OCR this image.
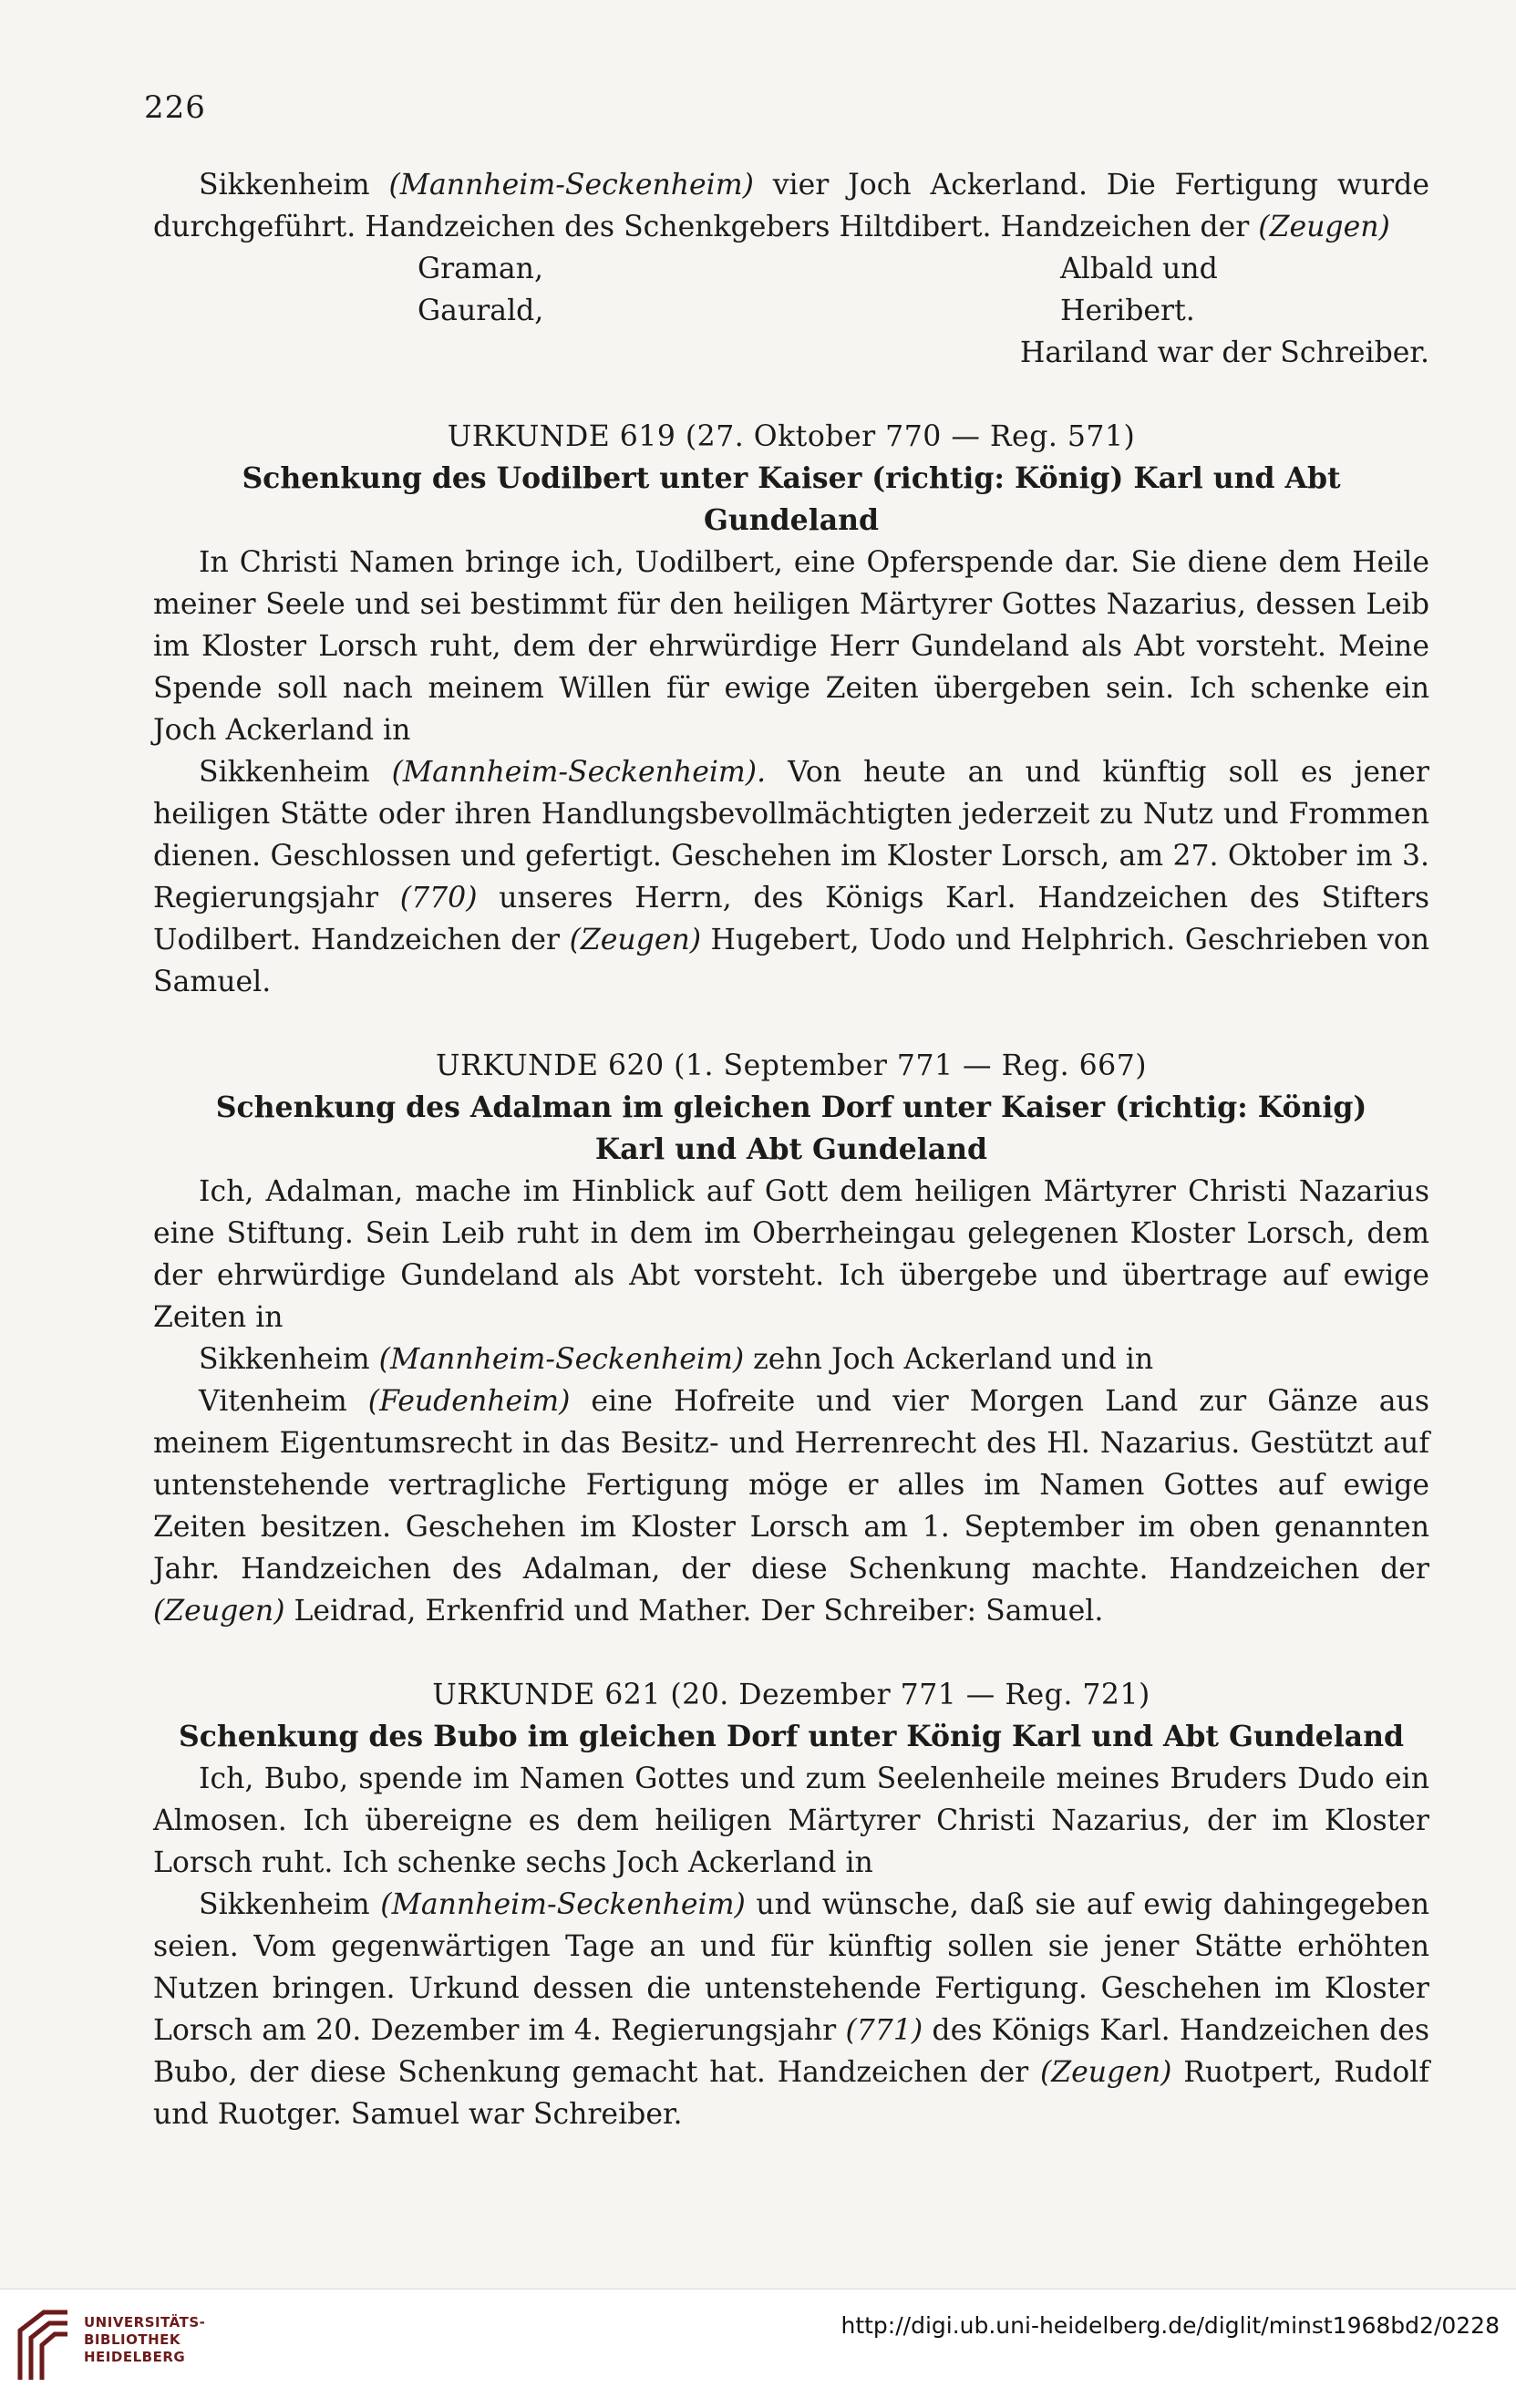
226

Sikkenheim (Mannheim-Seckenheim) vier Joch Ackerland. Die Fertigung wurde durchgeführt. Handzeichen des Schenkgebers Hiltdibert. Handzeichen der (Zeugen)

Graman,	Albald und
Gaurald,	Heribert.

Hariland war der Schreiber.

URKUNDE 619 (27. Oktober 770 — Reg. 571)

Schenkung des Uodilbert unter Kaiser (richtig: König) Karl und Abt Gundeland

In Christi Namen bringe ich, Uodilbert, eine Opferspende dar. Sie diene dem Heile meiner Seele und sei bestimmt für den heiligen Märtyrer Gottes Nazarius, dessen Leib im Kloster Lorsch ruht, dem der ehrwürdige Herr Gundeland als Abt vorsteht. Meine Spende soll nach meinem Willen für ewige Zeiten übergeben sein. Ich schenke ein Joch Ackerland in

Sikkenheim (Mannheim-Seckenheim). Von heute an und künftig soll es jener heiligen Stätte oder ihren Handlungsbevollmächtigten jederzeit zu Nutz und Frommen dienen. Geschlossen und gefertigt. Geschehen im Kloster Lorsch, am 27. Oktober im 3. Regierungsjahr (770) unseres Herrn, des Königs Karl. Handzeichen des Stifters Uodilbert. Handzeichen der (Zeugen) Hugebert, Uodo und Helphrich. Geschrieben von Samuel.

URKUNDE 620 (1. September 771 — Reg. 667)

Schenkung des Adalman im gleichen Dorf unter Kaiser (richtig: König)

Karl und Abt Gundeland

Ich, Adalman, mache im Hinblick auf Gott dem heiligen Märtyrer Christi Nazarius eine Stiftung. Sein Leib ruht in dem im Oberrheingau gelegenen Kloster Lorsch, dem der ehrwürdige Gundeland als Abt vorsteht. Ich übergebe und übertrage auf ewige Zeiten in

Sikkenheim (Mannheim-Seckenheim) zehn Joch Ackerland und in

Vitenheim (Feudenheim) eine Hofreite und vier Morgen Land zur Gänze aus meinem Eigentumsrecht in das Besitz- und Herrenrecht des Hl. Nazarius. Gestützt auf untenstehende vertragliche Fertigung möge er alles im Namen Gottes auf ewige Zeiten besitzen. Geschehen im Kloster Lorsch am 1. September im oben genannten Jahr. Handzeichen des Adalman, der diese Schenkung machte. Handzeichen der (Zeugen) Leidrad, Erkenfrid und Mather. Der Schreiber: Samuel.

URKUNDE 621 (20. Dezember 771 — Reg. 721)

Schenkung des Bubo im gleichen Dorf unter König Karl und Abt Gundeland

Ich, Bubo, spende im Namen Gottes und zum Seelenheile meines Bruders Dudo ein Almosen. Ich übereigne es dem heiligen Märtyrer Christi Nazarius, der im Kloster Lorsch ruht. Ich schenke sechs Joch Ackerland in

Sikkenheim (Mannheim-Seckenheim) und wünsche, daß sie auf ewig dahingegeben seien. Vom gegenwärtigen Tage an und für künftig sollen sie jener Stätte erhöhten Nutzen bringen. Urkund dessen die untenstehende Fertigung. Geschehen im Kloster Lorsch am 20. Dezember im 4. Regierungsjahr (771) des Königs Karl. Handzeichen des Bubo, der diese Schenkung gemacht hat. Handzeichen der (Zeugen) Ruotpert, Rudolf und Ruotger. Samuel war Schreiber.

UNIVERSITÄTS-
BIBLIOTHEK
HEIDELBERG
http://digi.ub.uni-heidelberg.de/diglit/minst1968bd2/0228
